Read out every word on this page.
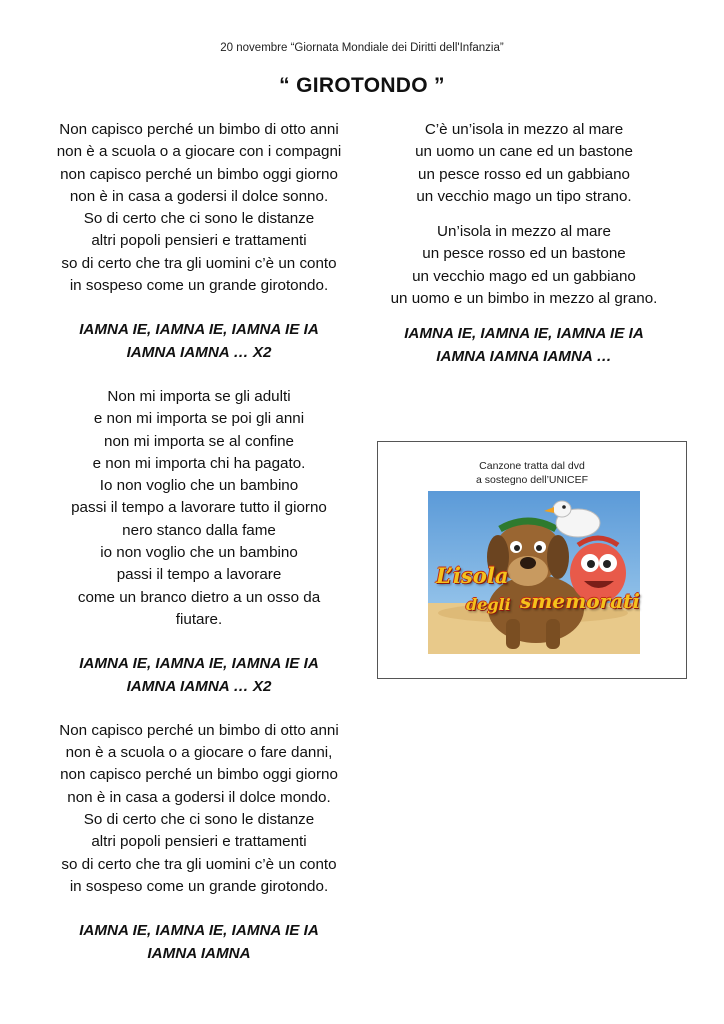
20 novembre “Giornata Mondiale dei Diritti dell'Infanzia”
“ GIROTONDO ”
Non capisco perché un bimbo di otto anni
non è a scuola o a giocare con i compagni
non capisco perché un bimbo oggi giorno
non è in casa a godersi il dolce sonno.
So di certo che ci sono le distanze
altri popoli pensieri e trattamenti
so di certo che tra gli uomini c’è un conto
in sospeso come un grande girotondo.
IAMNA IE, IAMNA IE, IAMNA IE IA
IAMNA IAMNA … X2
Non mi importa se gli adulti
e non mi importa se poi gli anni
non mi importa se al confine
e non mi importa chi ha pagato.
Io non voglio che un bambino
passi il tempo a lavorare tutto il giorno
nero stanco dalla fame
io non voglio che un bambino
passi il tempo a lavorare
come un branco dietro a un osso da
fiutare.
IAMNA IE, IAMNA IE, IAMNA IE IA
IAMNA IAMNA … X2
Non capisco perché un bimbo di otto anni
non è a scuola o a giocare o fare danni,
non capisco perché un bimbo oggi giorno
non è in casa a godersi il dolce mondo.
So di certo che ci sono le distanze
altri popoli pensieri e trattamenti
so di certo che tra gli uomini c’è un conto
in sospeso come un grande girotondo.
IAMNA IE, IAMNA IE, IAMNA IE IA
IAMNA IAMNA
C’è un’isola in mezzo al mare
un uomo un cane ed un bastone
un pesce rosso ed un gabbiano
un vecchio mago un tipo strano.
Un’isola in mezzo al mare
un pesce rosso ed un bastone
un vecchio mago ed un gabbiano
un uomo e un bimbo in mezzo al grano.
IAMNA IE, IAMNA IE, IAMNA IE IA
IAMNA IAMNA IAMNA …
Canzone tratta dal dvd
a sostegno dell’UNICEF
L’isola
degli smemorati
